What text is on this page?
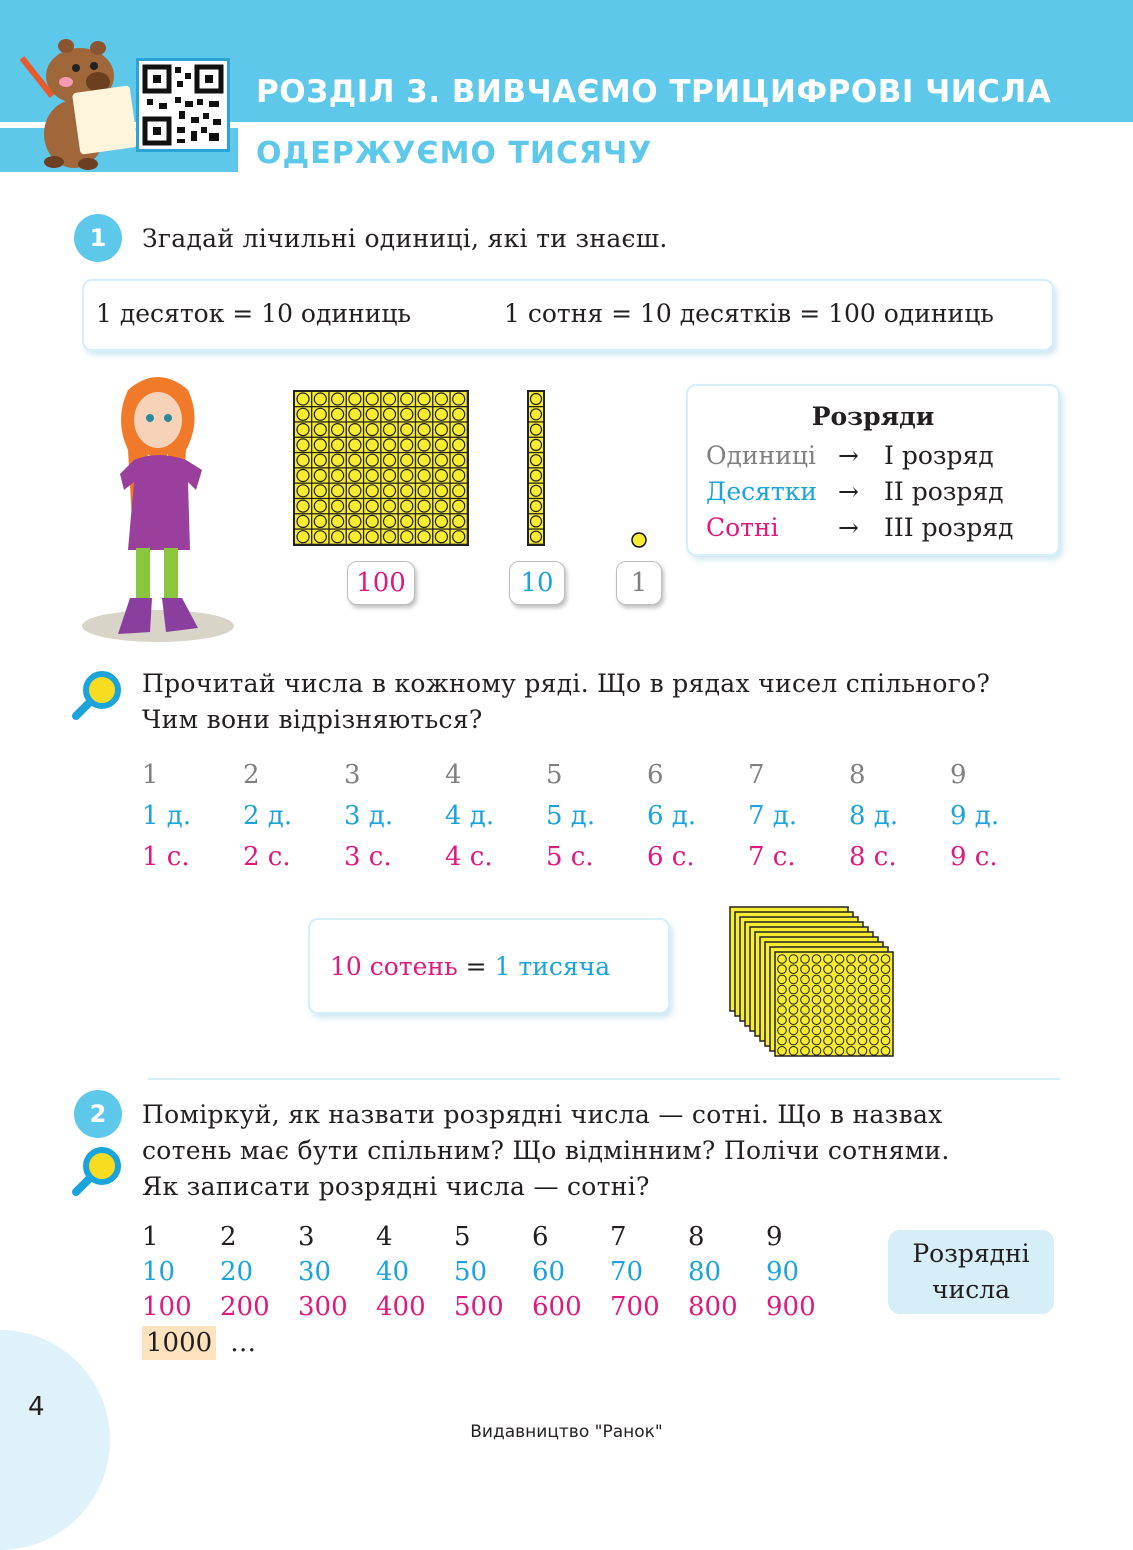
РОЗДІЛ 3. ВИВЧАЄМО ТРИЦИФРОВІ ЧИСЛА
ОДЕРЖУЄМО ТИСЯЧУ
1	Згадай лічильні одиниці, які ти знаєш.
1 десяток = 10 одиниць	1 сотня = 10 десятків = 100 одиниць
100	10	1
Розряди
Одиниці →	І розряд
Десятки →	ІІ розряд
Сотні	→	ІІІ розряд
Прочитай числа в кожному ряді. Що в рядах чисел спільного?
Чим вони відрізняються?
1	2	3	4	5	6	7	8	9
1 д.	2 д.	3 д.	4 д.	5 д.	6 д.	7 д.	8 д.	9 д.
1 с.	2 с.	3 с.	4 с.	5 с.	6 с.	7 с.	8 с.	9 с.
10 сотень = 1 тисяча
2	Поміркуй, як назвати розрядні числа — сотні. Що в назвах
сотень має бути спільним? Що відмінним? Полічи сотнями.
Як записати розрядні числа — сотні?
1	2	3	4	5	6	7	8	9
10	20	30	40	50	60	70	80	90
100	200	300	400	500	600	700	800	900
1000 …
Розрядні
числа
4
Видавництво "Ранок"
